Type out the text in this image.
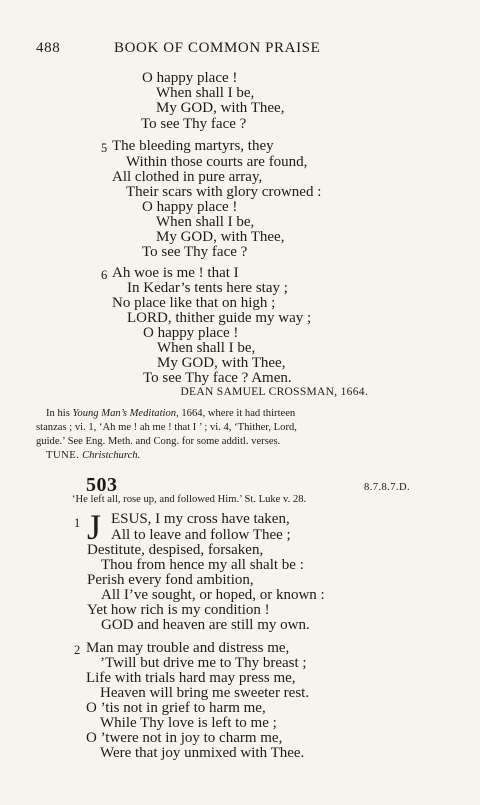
488	BOOK OF COMMON PRAISE
O happy place !
When shall I be,
My GOD, with Thee,
To see Thy face ?
5 The bleeding martyrs, they
Within those courts are found,
All clothed in pure array,
Their scars with glory crowned :
O happy place !
When shall I be,
My GOD, with Thee,
To see Thy face ?
6 Ah woe is me ! that I
In Kedar’s tents here stay ;
No place like that on high ;
LORD, thither guide my way ;
O happy place !
When shall I be,
My GOD, with Thee,
To see Thy face ? Amen.
DEAN SAMUEL CROSSMAN, 1664.
In his Young Man’s Meditation, 1664, where it had thirteen
stanzas ; vi. 1, ‘Ah me ! ah me ! that I ’ ; vi. 4, ‘Thither, Lord,
guide.’ See Eng. Meth. and Cong. for some additl. verses.
TUNE. Christchurch.
503	8.7.8.7.D.
‘He left all, rose up, and followed Him.’ St. Luke v. 28.
1 J ESUS, I my cross have taken,
All to leave and follow Thee ;
Destitute, despised, forsaken,
Thou from hence my all shalt be :
Perish every fond ambition,
All I’ve sought, or hoped, or known :
Yet how rich is my condition !
GOD and heaven are still my own.
2 Man may trouble and distress me,
’Twill but drive me to Thy breast ;
Life with trials hard may press me,
Heaven will bring me sweeter rest.
O ’tis not in grief to harm me,
While Thy love is left to me ;
O ’twere not in joy to charm me,
Were that joy unmixed with Thee.
